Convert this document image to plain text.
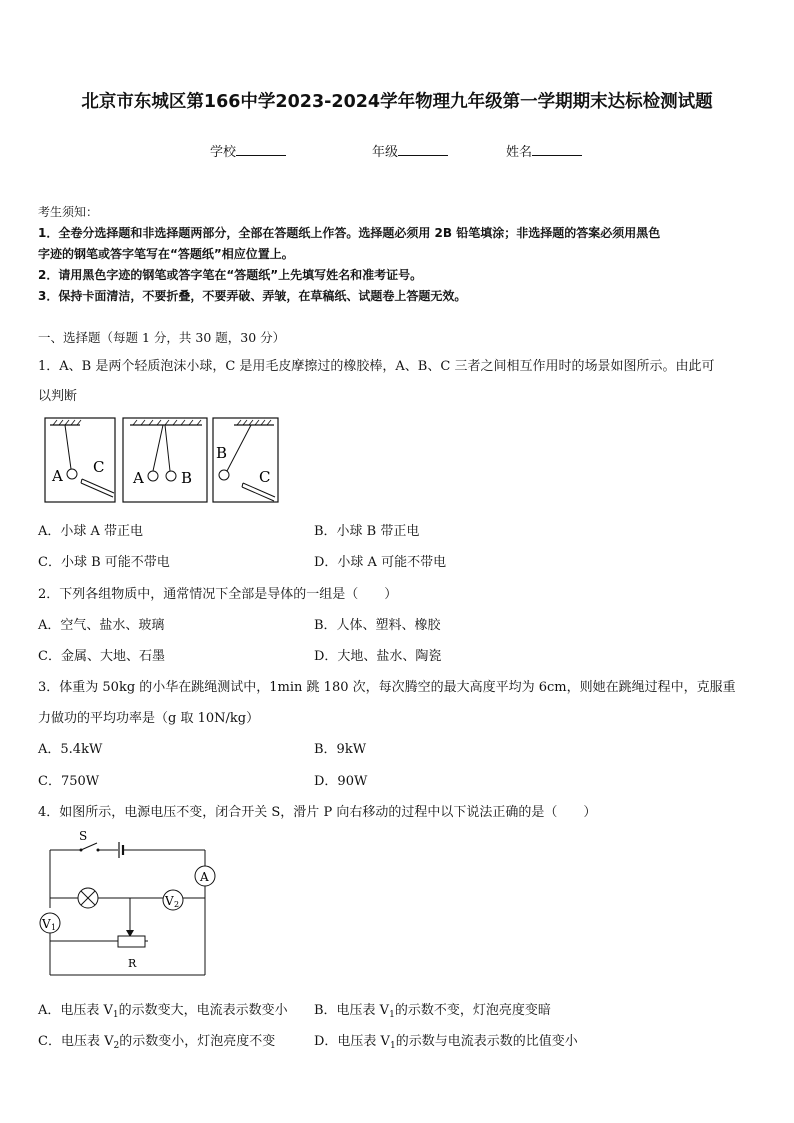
北京市东城区第166中学2023-2024学年物理九年级第一学期期末达标检测试题
学校	年级	姓名
考生须知：
1．全卷分选择题和非选择题两部分，全部在答题纸上作答。选择题必须用 2B 铅笔填涂；非选择题的答案必须用黑色
字迹的钢笔或答字笔写在“答题纸”相应位置上。
2．请用黑色字迹的钢笔或答字笔在“答题纸”上先填写姓名和准考证号。
3．保持卡面清洁，不要折叠，不要弄破、弄皱，在草稿纸、试题卷上答题无效。
一、选择题（每题 1 分，共 30 题，30 分）
1．A、B 是两个轻质泡沫小球，C 是用毛皮摩擦过的橡胶棒，A、B、C 三者之间相互作用时的场景如图所示。由此可
以判断
A C
A B
B
C
A．小球 A 带正电	B．小球 B 带正电
C．小球 B 可能不带电	D．小球 A 可能不带电
2．下列各组物质中，通常情况下全部是导体的一组是（　　）
A．空气、盐水、玻璃	B．人体、塑料、橡胶
C．金属、大地、石墨	D．大地、盐水、陶瓷
3．体重为 50kg 的小华在跳绳测试中，1min 跳 180 次，每次腾空的最大高度平均为 6cm，则她在跳绳过程中，克服重
力做功的平均功率是（g 取 10N/kg）
A．5.4kW	B．9kW
C．750W	D．90W
4．如图所示，电源电压不变，闭合开关 S，滑片 P 向右移动的过程中以下说法正确的是（　　）
S
A
V 2
V 1
R
A．电压表 $V_1$的示数变大，电流表示数变小 B．电压表 $V_1$的示数不变，灯泡亮度变暗
C．电压表 $V_2$的示数变小，灯泡亮度不变	D．电压表 $V_1$的示数与电流表示数的比值变小
